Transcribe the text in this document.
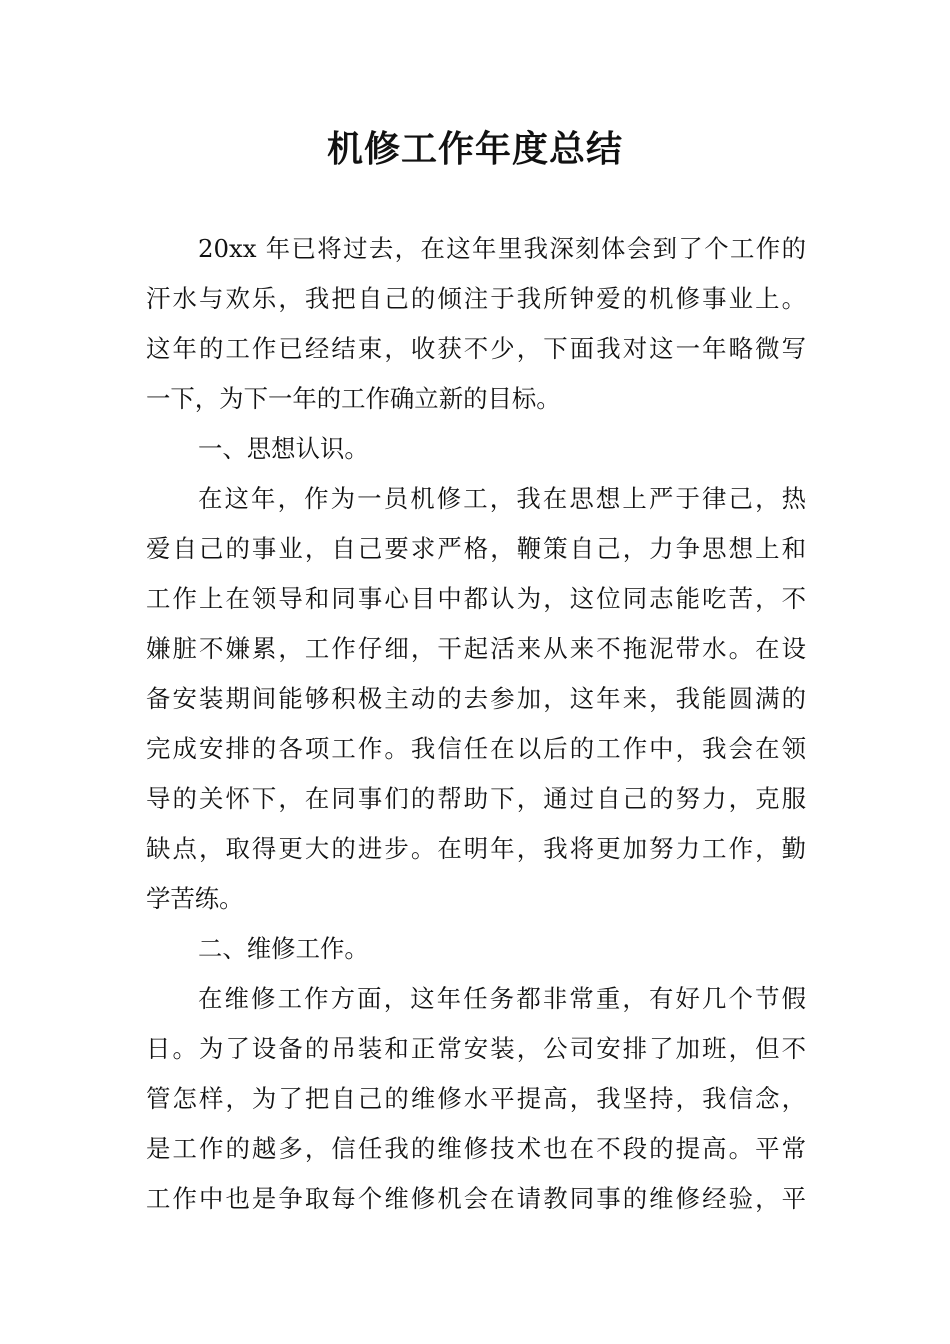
机修工作年度总结

20xx 年已将过去，在这年里我深刻体会到了个工作的

汗水与欢乐，我把自己的倾注于我所钟爱的机修事业上。

这年的工作已经结束，收获不少，下面我对这一年略微写

一下，为下一年的工作确立新的目标。

一、思想认识。

在这年，作为一员机修工，我在思想上严于律己，热

爱自己的事业，自己要求严格，鞭策自己，力争思想上和

工作上在领导和同事心目中都认为，这位同志能吃苦，不

嫌脏不嫌累，工作仔细，干起活来从来不拖泥带水。在设

备安装期间能够积极主动的去参加，这年来，我能圆满的

完成安排的各项工作。我信任在以后的工作中，我会在领

导的关怀下，在同事们的帮助下，通过自己的努力，克服

缺点，取得更大的进步。在明年，我将更加努力工作，勤

学苦练。

二、维修工作。

在维修工作方面，这年任务都非常重，有好几个节假

日。为了设备的吊装和正常安装，公司安排了加班，但不

管怎样，为了把自己的维修水平提高，我坚持，我信念，

是工作的越多，信任我的维修技术也在不段的提高。平常

工作中也是争取每个维修机会在请教同事的维修经验，平
